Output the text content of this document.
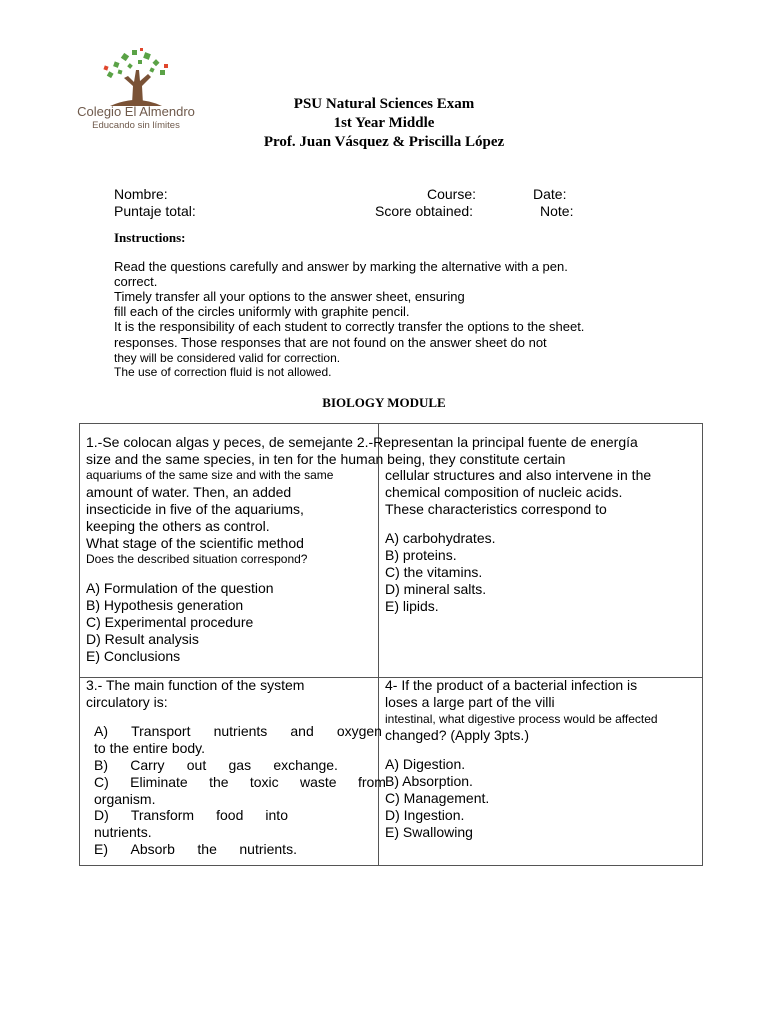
Colegio El Almendro
Educando sin límites
PSU Natural Sciences Exam
1st Year Middle
Prof. Juan Vásquez & Priscilla López
Nombre:	Course:	Date:
Puntaje total:	Score obtained:	Note:
Instructions:
Read the questions carefully and answer by marking the alternative with a pen.
correct.
Timely transfer all your options to the answer sheet, ensuring
fill each of the circles uniformly with graphite pencil.
It is the responsibility of each student to correctly transfer the options to the sheet.
responses. Those responses that are not found on the answer sheet do not
they will be considered valid for correction.
The use of correction fluid is not allowed.
BIOLOGY MODULE
1.-Se colocan algas y peces, de semejante 2.-Representan la principal fuente de energía
size and the same species, in ten for the human being, they constitute certain
aquariums of the same size and with the same
amount of water. Then, an added
insecticide in five of the aquariums,
keeping the others as control.
What stage of the scientific method
Does the described situation correspond?
A) Formulation of the question
B) Hypothesis generation
C) Experimental procedure
D) Result analysis
E) Conclusions
cellular structures and also intervene in the
chemical composition of nucleic acids.
These characteristics correspond to
A) carbohydrates.
B) proteins.
C) the vitamins.
D) mineral salts.
E) lipids.
3.- The main function of the system
circulatory is:
A) Transport nutrients and oxygen
to the entire body.
B) Carry out gas exchange.
C) Eliminate the toxic waste from
organism.
D) Transform food into
nutrients.
E) Absorb the nutrients.
4- If the product of a bacterial infection is
loses a large part of the villi
intestinal, what digestive process would be affected
changed? (Apply 3pts.)
A) Digestion.
B) Absorption.
C) Management.
D) Ingestion.
E) Swallowing
